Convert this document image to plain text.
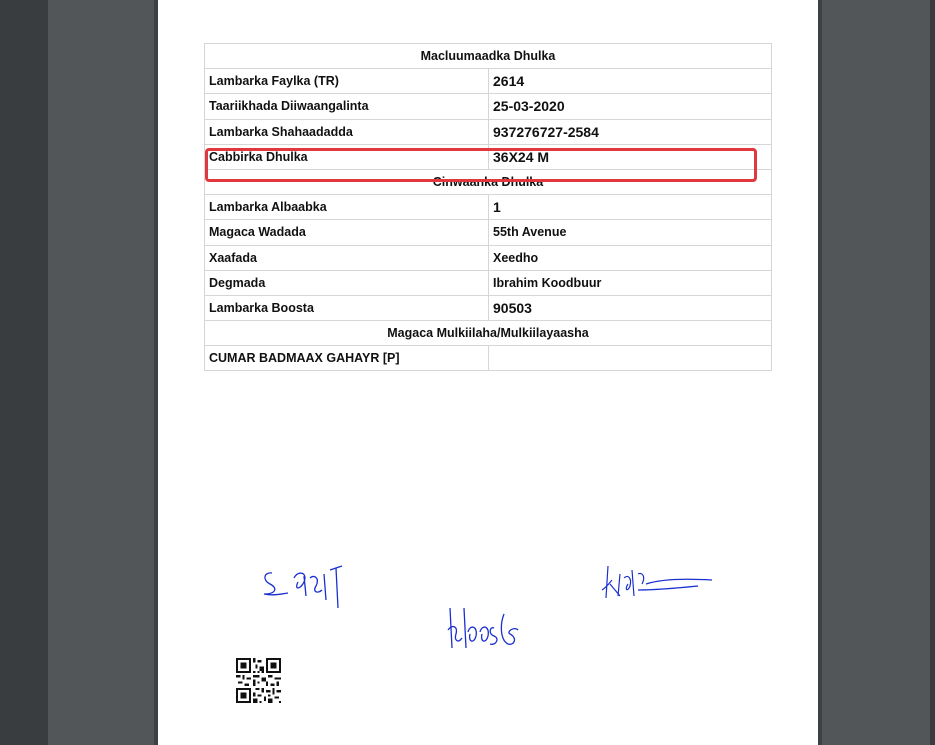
Macluumaadka Dhulka	
Lambarka Faylka (TR)	2614
Taariikhada Diiwaangalinta	25-03-2020
Lambarka Shahaadadda	937276727-2584
Cabbirka Dhulka	36X24 M
Cinwaanka Dhulka	
Lambarka Albaabka	1
Magaca Wadada	55th Avenue
Xaafada	Xeedho
Degmada	Ibrahim Koodbuur
Lambarka Boosta	90503
Magaca Mulkiilaha/Mulkiilayaasha	
CUMAR BADMAAX GAHAYR [P]	
